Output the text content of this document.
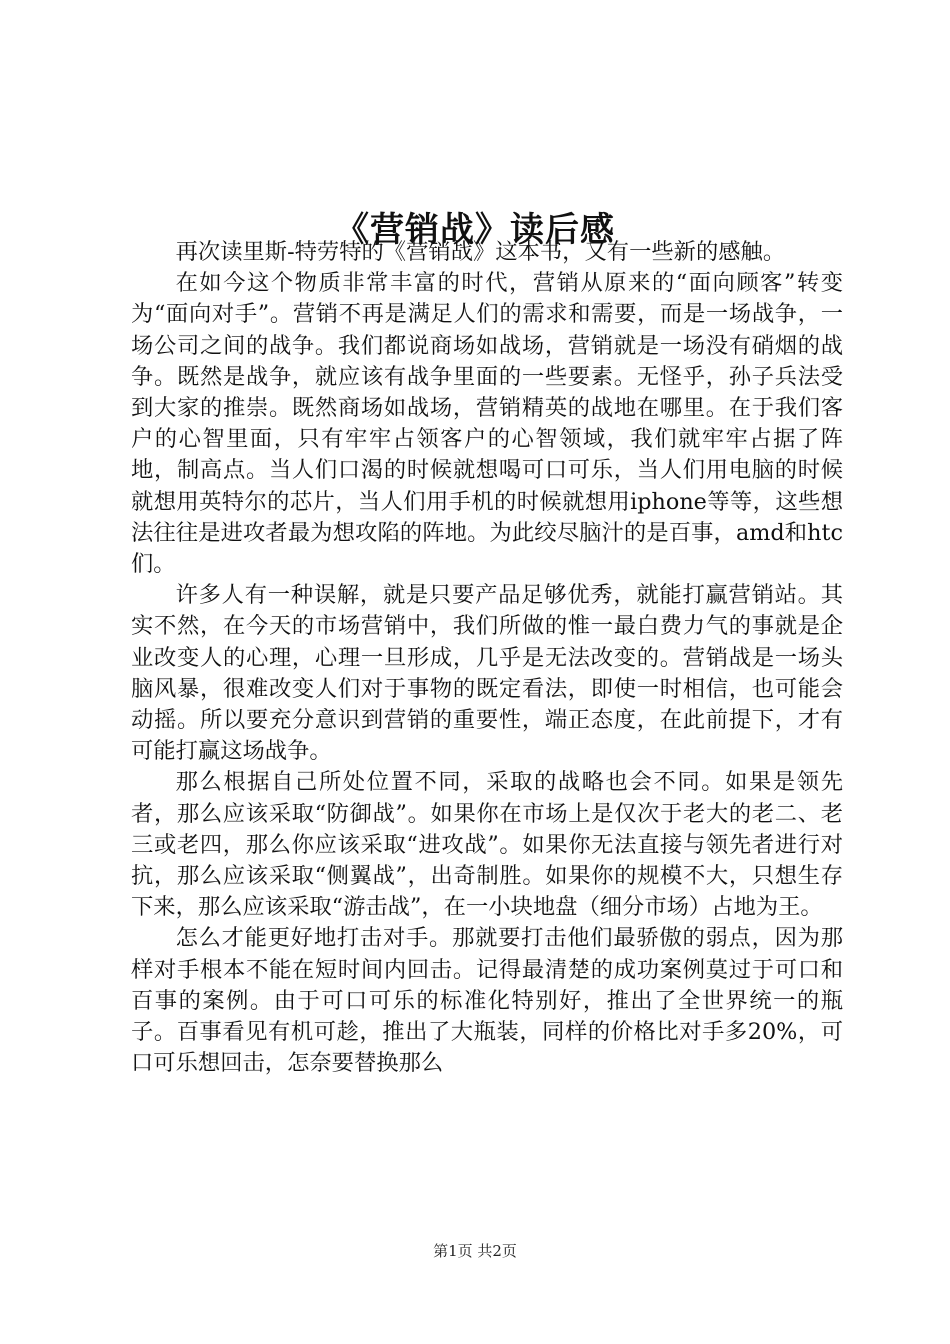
《营销战》读后感

再次读里斯-特劳特的《营销战》这本书，又有一些新的感触。

在如今这个物质非常丰富的时代，营销从原来的“面向顾客”转变为“面向对手”。营销不再是满足人们的需求和需要，而是一场战争，一场公司之间的战争。我们都说商场如战场，营销就是一场没有硝烟的战争。既然是战争，就应该有战争里面的一些要素。无怪乎，孙子兵法受到大家的推崇。既然商场如战场，营销精英的战地在哪里。在于我们客户的心智里面，只有牢牢占领客户的心智领域，我们就牢牢占据了阵地，制高点。当人们口渴的时候就想喝可口可乐，当人们用电脑的时候就想用英特尔的芯片，当人们用手机的时候就想用iphone等等，这些想法往往是进攻者最为想攻陷的阵地。为此绞尽脑汁的是百事，amd和htc们。

许多人有一种误解，就是只要产品足够优秀，就能打赢营销站。其实不然，在今天的市场营销中，我们所做的惟一最白费力气的事就是企业改变人的心理，心理一旦形成，几乎是无法改变的。营销战是一场头脑风暴，很难改变人们对于事物的既定看法，即使一时相信，也可能会动摇。所以要充分意识到营销的重要性，端正态度，在此前提下，才有可能打赢这场战争。

那么根据自己所处位置不同，采取的战略也会不同。如果是领先者，那么应该采取“防御战”。如果你在市场上是仅次于老大的老二、老三或老四，那么你应该采取“进攻战”。如果你无法直接与领先者进行对抗，那么应该采取“侧翼战”，出奇制胜。如果你的规模不大，只想生存下来，那么应该采取“游击战”，在一小块地盘（细分市场）占地为王。

怎么才能更好地打击对手。那就要打击他们最骄傲的弱点，因为那样对手根本不能在短时间内回击。记得最清楚的成功案例莫过于可口和百事的案例。由于可口可乐的标准化特别好，推出了全世界统一的瓶子。百事看见有机可趁，推出了大瓶装，同样的价格比对手多20%，可口可乐想回击，怎奈要替换那么

第1页 共2页
